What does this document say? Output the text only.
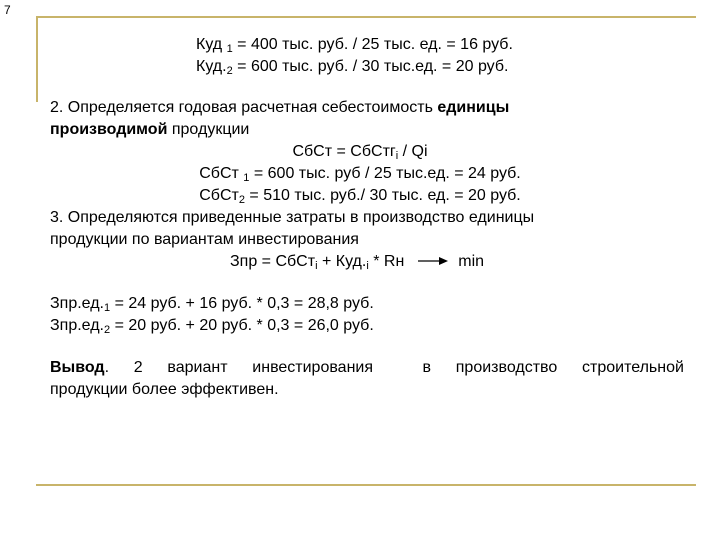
7
Куд $_1$ = 400 тыс. руб. / 25 тыс. ед. = 16 руб.
$Куд._2 = 600$ тыс. руб. / 30 тыс.ед. = 20 руб.
2. Определяется годовая расчетная себестоимость единицы
производимой продукции
СбСт = СбСтг$_i$ / Qi
СбСт $_1$ = 600 тыс. руб / 25 тыс.ед. = 24 руб.
СбСт$_2$ = 510 тыс. руб./ 30 тыс. ед. = 20 руб.
3. Определяются приведенные затраты в производство единицы
продукции по вариантам инвестирования
Зпр = СбСт$_i$ + $Куд._i$ * Rн	min
$Зпр.ед._1 = 24$ руб. + 16 руб. * 0,3 = 28,8 руб.
$Зпр.ед._2 = 20$ руб. + 20 руб. * 0,3 = 26,0 руб.
Вывод. 2 вариант инвестирования	в производство строительной
продукции более эффективен.
